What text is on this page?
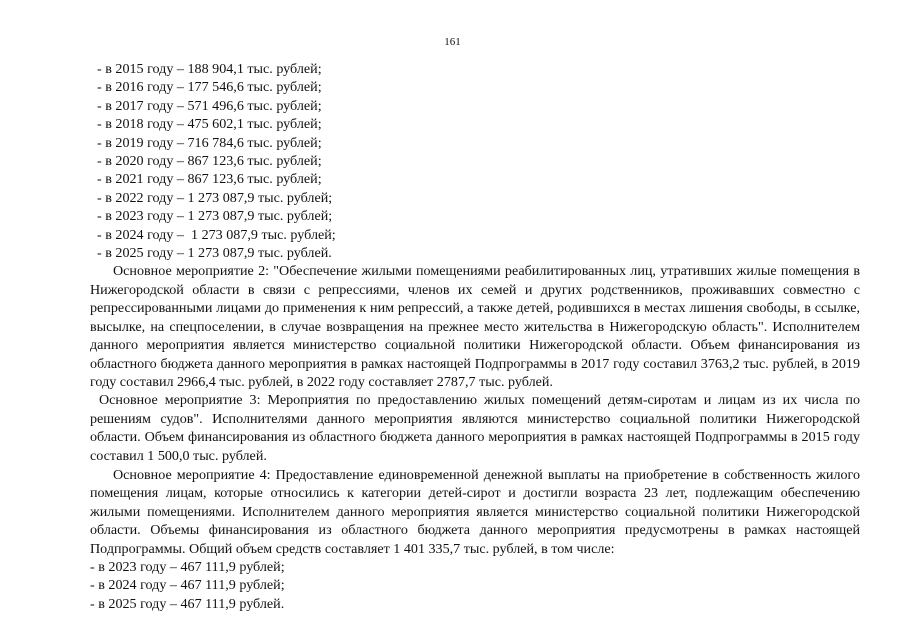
161
- в 2015 году – 188 904,1 тыс. рублей;
- в 2016 году – 177 546,6 тыс. рублей;
- в 2017 году – 571 496,6 тыс. рублей;
- в 2018 году – 475 602,1 тыс. рублей;
- в 2019 году – 716 784,6 тыс. рублей;
- в 2020 году – 867 123,6 тыс. рублей;
- в 2021 году – 867 123,6 тыс. рублей;
- в 2022 году – 1 273 087,9 тыс. рублей;
- в 2023 году – 1 273 087,9 тыс. рублей;
- в 2024 году –  1 273 087,9 тыс. рублей;
- в 2025 году – 1 273 087,9 тыс. рублей.

Основное мероприятие 2: "Обеспечение жилыми помещениями реабилитированных лиц, утративших жилые помещения в Нижегородской области в связи с репрессиями, членов их семей и других родственников, проживавших совместно с репрессированными лицами до применения к ним репрессий, а также детей, родившихся в местах лишения свободы, в ссылке, высылке, на спецпоселении, в случае возвращения на прежнее место жительства в Нижегородскую область". Исполнителем данного мероприятия является министерство социальной политики Нижегородской области. Объем финансирования из областного бюджета данного мероприятия в рамках настоящей Подпрограммы в 2017 году составил 3763,2 тыс. рублей, в 2019 году составил 2966,4 тыс. рублей, в 2022 году составляет 2787,7 тыс. рублей.

Основное мероприятие 3: Мероприятия по предоставлению жилых помещений детям-сиротам и лицам из их числа по решениям судов". Исполнителями данного мероприятия являются министерство социальной политики Нижегородской области. Объем финансирования из областного бюджета данного мероприятия в рамках настоящей Подпрограммы в 2015 году составил 1 500,0 тыс. рублей.

Основное мероприятие 4: Предоставление единовременной денежной выплаты на приобретение в собственность жилого помещения лицам, которые относились к категории детей-сирот и достигли возраста 23 лет, подлежащим обеспечению жилыми помещениями. Исполнителем данного мероприятия является министерство социальной политики Нижегородской области. Объемы финансирования из областного бюджета данного мероприятия предусмотрены в рамках настоящей Подпрограммы. Общий объем средств составляет 1 401 335,7 тыс. рублей, в том числе:

- в 2023 году – 467 111,9 рублей;
- в 2024 году – 467 111,9 рублей;
- в 2025 году – 467 111,9 рублей.
